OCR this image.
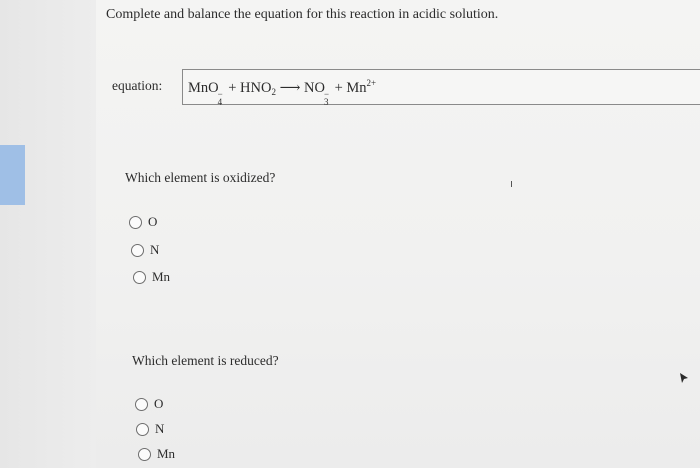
Complete and balance the equation for this reaction in acidic solution.
equation: MnO −
4
+ $HNO_2$ ⟶ NO −
3
+ $Mn^{2+}$
Which element is oxidized?
O
N
Mn
Which element is reduced?
O
N
Mn
